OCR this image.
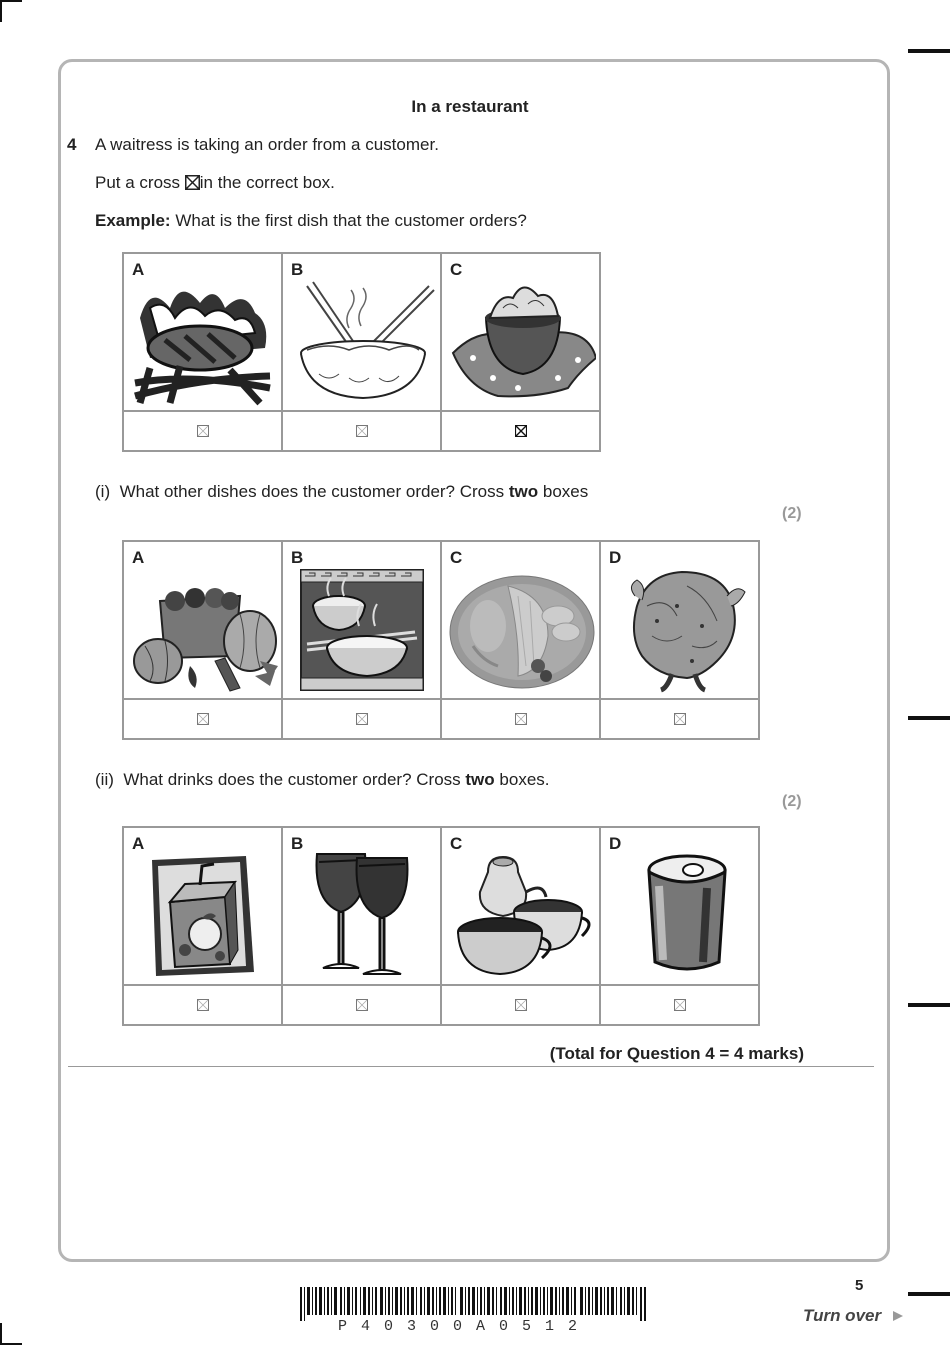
In a restaurant
4 A waitress is taking an order from a customer.
Put a cross ☒in the correct box.
Example: What is the first dish that the customer orders?
A	B	C

(i) What other dishes does the customer order? Cross two boxes
(2)
A	B	C	D

(ii) What drinks does the customer order? Cross two boxes.
(2)
A	B	C	D

(Total for Question 4 = 4 marks)
5
P40300A0512
Turn over
